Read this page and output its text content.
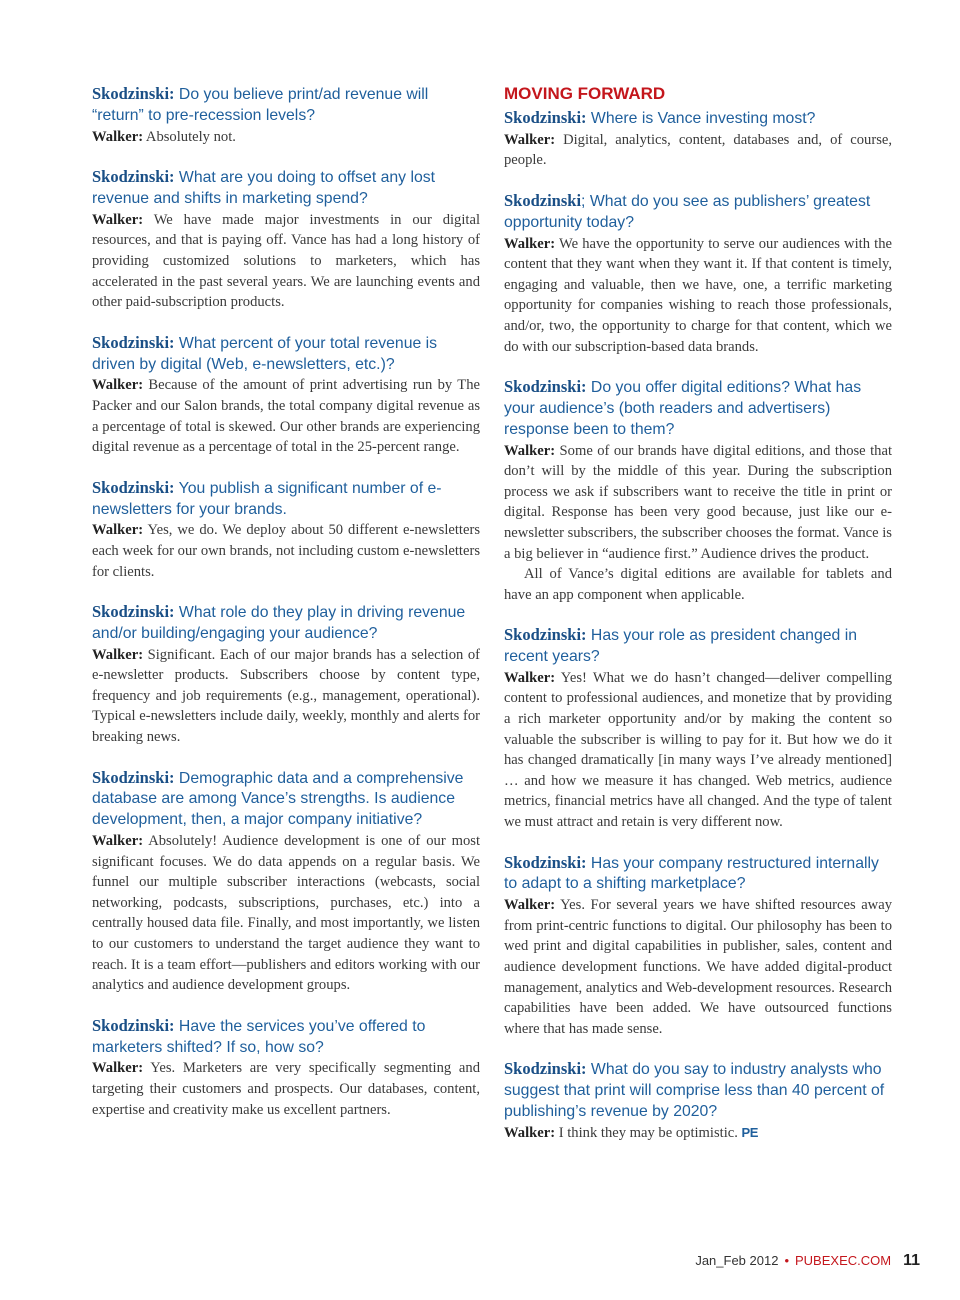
Skodzinski: Do you believe print/ad revenue will “return” to pre-recession levels?

Walker: Absolutely not.

Skodzinski: What are you doing to offset any lost revenue and shifts in marketing spend?

Walker: We have made major investments in our digital resources, and that is paying off. Vance has had a long history of providing customized solutions to marketers, which has accelerated in the past several years. We are launching events and other paid-subscription products.

Skodzinski: What percent of your total revenue is driven by digital (Web, e-newsletters, etc.)?

Walker: Because of the amount of print advertising run by The Packer and our Salon brands, the total company digital revenue as a percentage of total is skewed. Our other brands are experiencing digital revenue as a percentage of total in the 25-percent range.

Skodzinski: You publish a significant number of e-newsletters for your brands.

Walker: Yes, we do. We deploy about 50 different e-newsletters each week for our own brands, not including custom e-newsletters for clients.

Skodzinski: What role do they play in driving revenue and/or building/engaging your audience?

Walker: Significant. Each of our major brands has a selection of e-newsletter products. Subscribers choose by content type, frequency and job requirements (e.g., management, operational). Typical e-newsletters include daily, weekly, monthly and alerts for breaking news.

Skodzinski: Demographic data and a comprehensive database are among Vance’s strengths. Is audience development, then, a major company initiative?

Walker: Absolutely! Audience development is one of our most significant focuses. We do data appends on a regular basis. We funnel our multiple subscriber interactions (webcasts, social networking, podcasts, subscriptions, purchases, etc.) into a centrally housed data file. Finally, and most importantly, we listen to our customers to understand the target audience they want to reach. It is a team effort—publishers and editors working with our analytics and audience development groups.

Skodzinski: Have the services you’ve offered to marketers shifted? If so, how so?

Walker: Yes. Marketers are very specifically segmenting and targeting their customers and prospects. Our databases, content, expertise and creativity make us excellent partners.

MOVING FORWARD

Skodzinski: Where is Vance investing most?

Walker: Digital, analytics, content, databases and, of course, people.

Skodzinski; What do you see as publishers’ greatest opportunity today?

Walker: We have the opportunity to serve our audiences with the content that they want when they want it. If that content is timely, engaging and valuable, then we have, one, a terrific marketing opportunity for companies wishing to reach those professionals, and/or, two, the opportunity to charge for that content, which we do with our subscription-based data brands.

Skodzinski: Do you offer digital editions? What has your audience’s (both readers and advertisers) response been to them?

Walker: Some of our brands have digital editions, and those that don’t will by the middle of this year. During the subscription process we ask if subscribers want to receive the title in print or digital. Response has been very good because, just like our e-newsletter subscribers, the subscriber chooses the format. Vance is a big believer in “audience first.” Audience drives the product.

All of Vance’s digital editions are available for tablets and have an app component when applicable.

Skodzinski: Has your role as president changed in recent years?

Walker: Yes! What we do hasn’t changed—deliver compelling content to professional audiences, and monetize that by providing a rich marketer opportunity and/or by making the content so valuable the subscriber is willing to pay for it. But how we do it has changed dramatically [in many ways I’ve already mentioned] … and how we measure it has changed. Web metrics, audience metrics, financial metrics have all changed. And the type of talent we must attract and retain is very different now.

Skodzinski: Has your company restructured internally to adapt to a shifting marketplace?

Walker: Yes. For several years we have shifted resources away from print-centric functions to digital. Our philosophy has been to wed print and digital capabilities in publisher, sales, content and audience development functions. We have added digital-product management, analytics and Web-development resources. Research capabilities have been added. We have outsourced functions where that has made sense.

Skodzinski: What do you say to industry analysts who suggest that print will comprise less than 40 percent of publishing’s revenue by 2020?

Walker: I think they may be optimistic. PE

Jan_Feb 2012 • PUBEXEC.COM 11
